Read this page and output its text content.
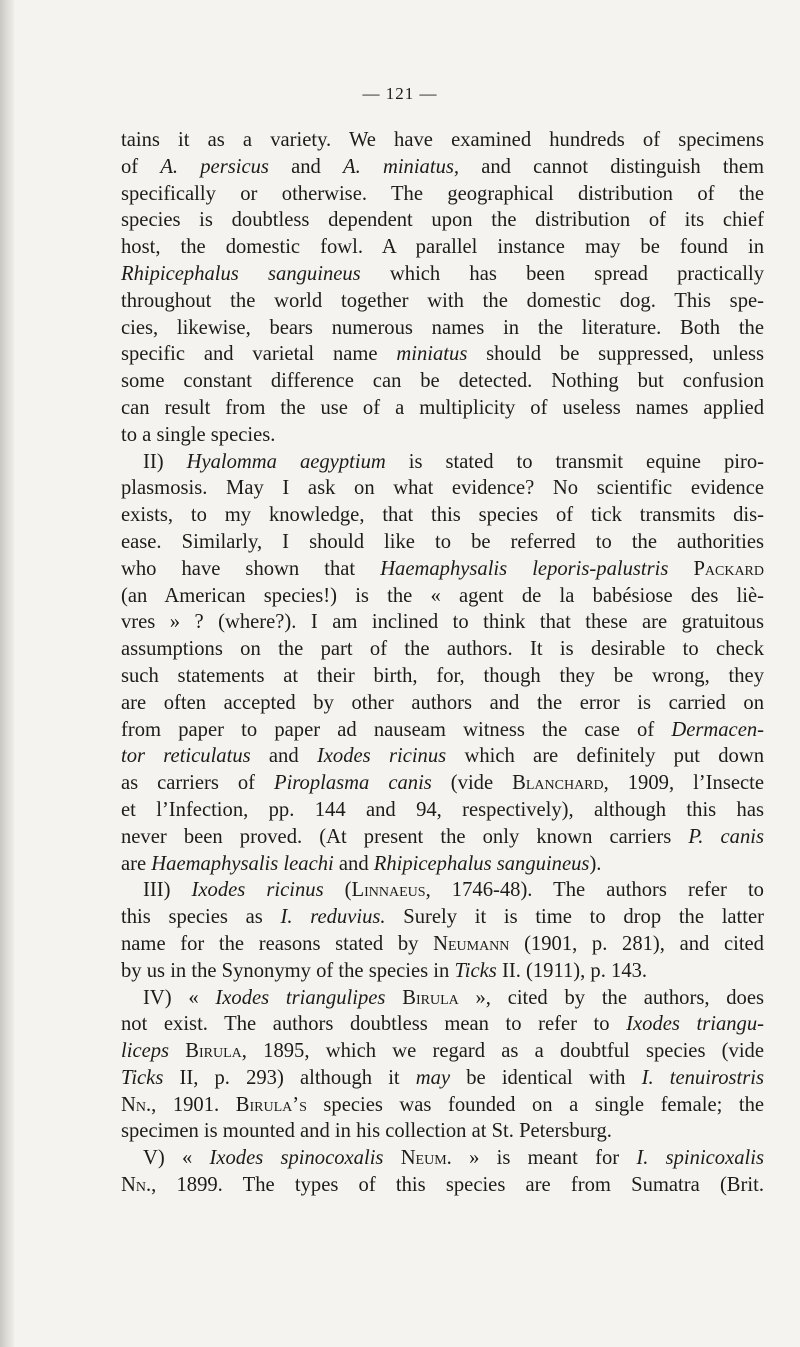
— 121 —
tains it as a variety. We have examined hundreds of specimens
of A. persicus and A. miniatus, and cannot distinguish them
specifically or otherwise. The geographical distribution of the
species is doubtless dependent upon the distribution of its chief
host, the domestic fowl. A parallel instance may be found in
Rhipicephalus sanguineus which has been spread practically
throughout the world together with the domestic dog. This spe-
cies, likewise, bears numerous names in the literature. Both the
specific and varietal name miniatus should be suppressed, unless
some constant difference can be detected. Nothing but confusion
can result from the use of a multiplicity of useless names applied
to a single species.
II) Hyalomma aegyptium is stated to transmit equine piro-
plasmosis. May I ask on what evidence? No scientific evidence
exists, to my knowledge, that this species of tick transmits dis-
ease. Similarly, I should like to be referred to the authorities
who have shown that Haemaphysalis leporis-palustris Packard
(an American species!) is the « agent de la babésiose des liè-
vres » ? (where?). I am inclined to think that these are gratuitous
assumptions on the part of the authors. It is desirable to check
such statements at their birth, for, though they be wrong, they
are often accepted by other authors and the error is carried on
from paper to paper ad nauseam witness the case of Dermacen-
tor reticulatus and Ixodes ricinus which are definitely put down
as carriers of Piroplasma canis (vide Blanchard, 1909, l’Insecte
et l’Infection, pp. 144 and 94, respectively), although this has
never been proved. (At present the only known carriers P. canis
are Haemaphysalis leachi and Rhipicephalus sanguineus).
III) Ixodes ricinus (Linnaeus, 1746-48). The authors refer to
this species as I. reduvius. Surely it is time to drop the latter
name for the reasons stated by Neumann (1901, p. 281), and cited
by us in the Synonymy of the species in Ticks II. (1911), p. 143.
IV) « Ixodes triangulipes Birula », cited by the authors, does
not exist. The authors doubtless mean to refer to Ixodes triangu-
liceps Birula, 1895, which we regard as a doubtful species (vide
Ticks II, p. 293) although it may be identical with I. tenuirostris
Nn., 1901. Birula’s species was founded on a single female; the
specimen is mounted and in his collection at St. Petersburg.
V) « Ixodes spinocoxalis Neum. » is meant for I. spinicoxalis
Nn., 1899. The types of this species are from Sumatra (Brit.
